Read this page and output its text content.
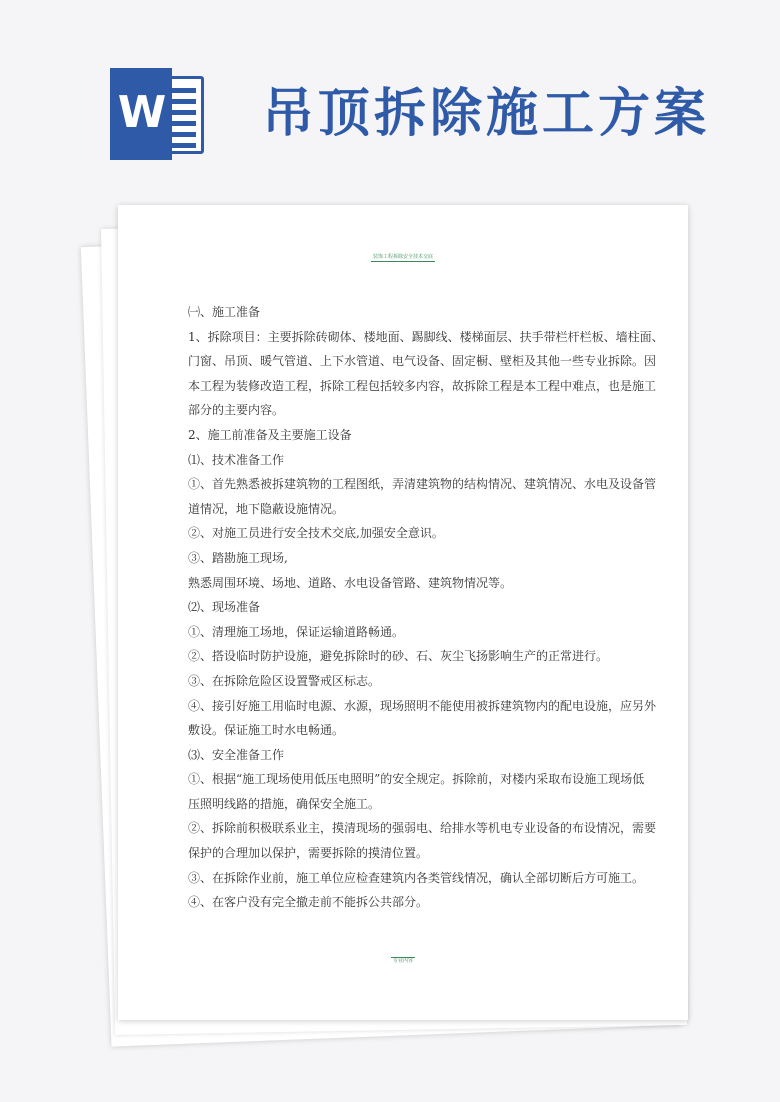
W 吊顶拆除施工方案
装饰工程拆除安全技术交底

㈠、施工准备

1、拆除项目：主要拆除砖砌体、楼地面、踢脚线、楼梯面层、扶手带栏杆栏板、墙柱面、

门窗、吊顶、暖气管道、上下水管道、电气设备、固定橱、壁柜及其他一些专业拆除。因

本工程为装修改造工程，拆除工程包括较多内容，故拆除工程是本工程中难点，也是施工

部分的主要内容。

2、施工前准备及主要施工设备

⑴、技术准备工作

①、首先熟悉被拆建筑物的工程图纸，弄清建筑物的结构情况、建筑情况、水电及设备管

道情况，地下隐蔽设施情况。

②、对施工员进行安全技术交底,加强安全意识。

③、踏勘施工现场,

熟悉周围环境、场地、道路、水电设备管路、建筑物情况等。

⑵、现场准备

①、清理施工场地，保证运输道路畅通。

②、搭设临时防护设施，避免拆除时的砂、石、灰尘飞扬影响生产的正常进行。

③、在拆除危险区设置警戒区标志。

④、接引好施工用临时电源、水源，现场照明不能使用被拆建筑物内的配电设施，应另外

敷设。保证施工时水电畅通。

⑶、安全准备工作

①、根据“施工现场使用低压电照明”的安全规定。拆除前，对楼内采取布设施工现场低

压照明线路的措施，确保安全施工。

②、拆除前积极联系业主，摸清现场的强弱电、给排水等机电专业设备的布设情况，需要

保护的合理加以保护，需要拆除的摸清位置。

③、在拆除作业前，施工单位应检查建筑内各类管线情况，确认全部切断后方可施工。

④、在客户没有完全撤走前不能拆公共部分。

专业内容
